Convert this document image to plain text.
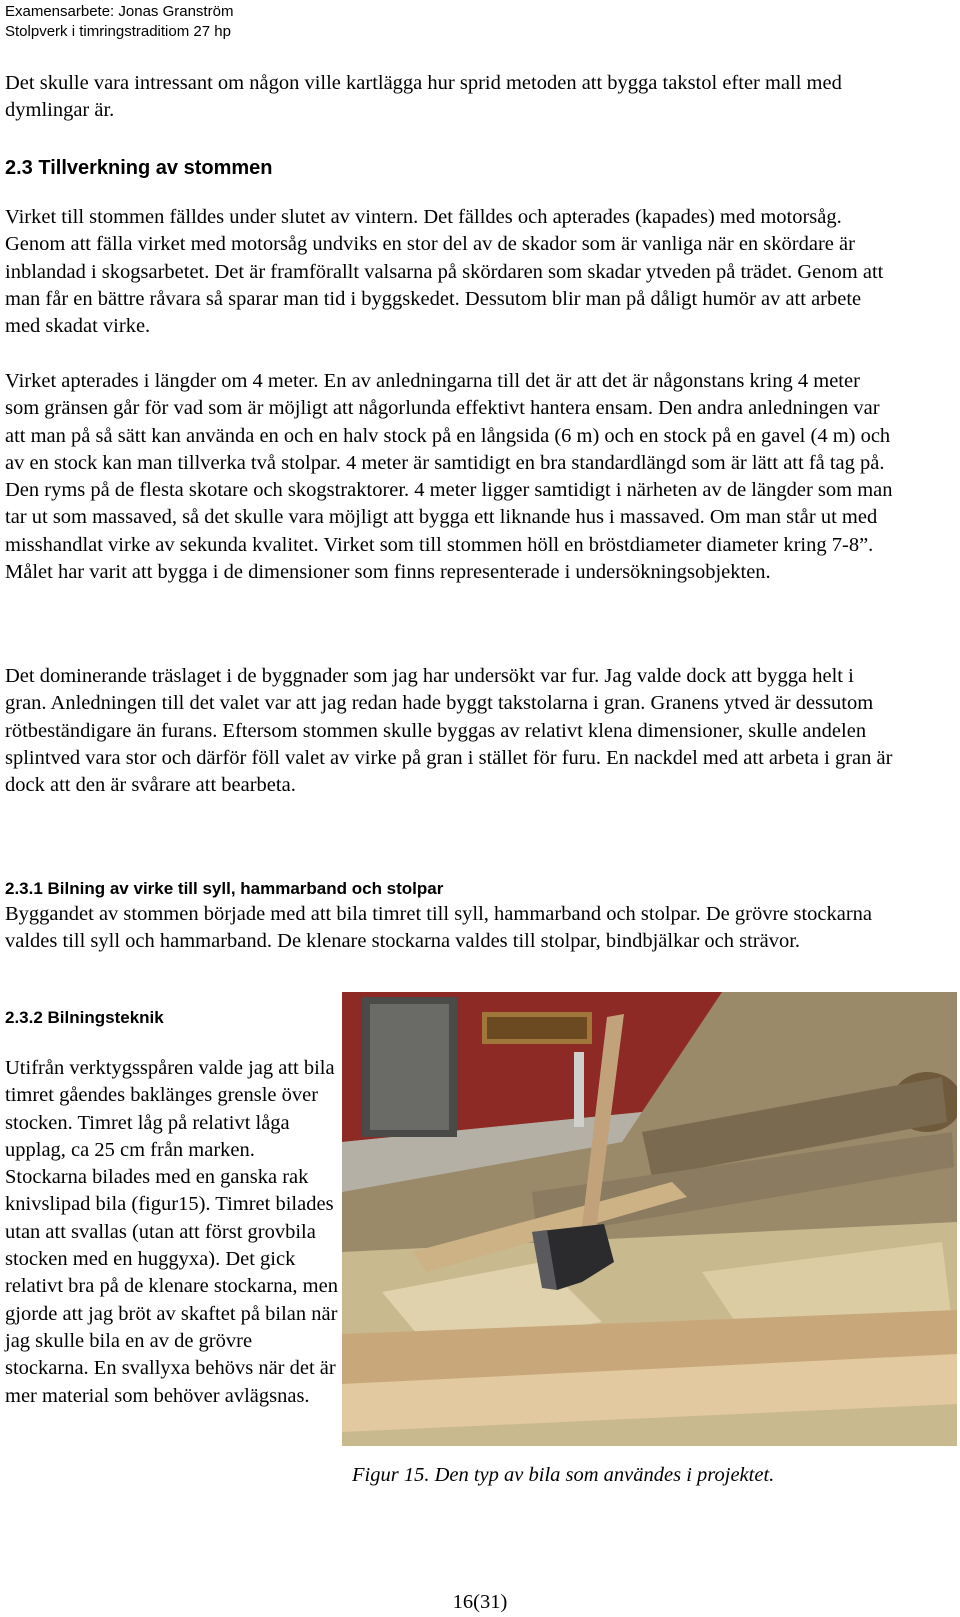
Examensarbete: Jonas Granström
Stolpverk i timringstraditiom 27 hp

Det skulle vara intressant om någon ville kartlägga hur sprid metoden att bygga takstol efter mall med dymlingar är.

2.3 Tillverkning av stommen

Virket till stommen fälldes under slutet av vintern. Det fälldes och apterades (kapades) med motorsåg. Genom att fälla virket med motorsåg undviks en stor del av de skador som är vanliga när en skördare är inblandad i skogsarbetet. Det är framförallt valsarna på skördaren som skadar ytveden på trädet. Genom att man får en bättre råvara så sparar man tid i byggskedet. Dessutom blir man på dåligt humör av att arbete med skadat virke.

Virket apterades i längder om 4 meter. En av anledningarna till det är att det är någonstans kring 4 meter som gränsen går för vad som är möjligt att någorlunda effektivt hantera ensam. Den andra anledningen var att man på så sätt kan använda en och en halv stock på en långsida (6 m) och en stock på en gavel (4 m) och av en stock kan man tillverka två stolpar. 4 meter är samtidigt en bra standardlängd som är lätt att få tag på. Den ryms på de flesta skotare och skogstraktorer. 4 meter ligger samtidigt i närheten av de längder som man tar ut som massaved, så det skulle vara möjligt att bygga ett liknande hus i massaved. Om man står ut med misshandlat virke av sekunda kvalitet. Virket som till stommen höll en bröstdiameter diameter kring 7-8”. Målet har varit att bygga i de dimensioner som finns representerade i undersökningsobjekten.

Det dominerande träslaget i de byggnader som jag har undersökt var fur. Jag valde dock att bygga helt i gran. Anledningen till det valet var att jag redan hade byggt takstolarna i gran. Granens ytved är dessutom rötbeständigare än furans. Eftersom stommen skulle byggas av relativt klena dimensioner, skulle andelen splintved vara stor och därför föll valet av virke på gran i stället för furu. En nackdel med att arbeta i gran är dock att den är svårare att bearbeta.

2.3.1 Bilning av virke till syll, hammarband och stolpar

Byggandet av stommen började med att bila timret till syll, hammarband och stolpar. De grövre stockarna valdes till syll och hammarband. De klenare stockarna valdes till stolpar, bindbjälkar och strävor.

2.3.2 Bilningsteknik

Utifrån verktygsspåren valde jag att bila timret gåendes baklänges grensle över stocken. Timret låg på relativt låga upplag, ca 25 cm från marken. Stockarna bilades med en ganska rak knivslipad bila (figur15). Timret bilades utan att svallas (utan att först grovbila stocken med en huggyxa). Det gick relativt bra på de klenare stockarna, men gjorde att jag bröt av skaftet på bilan när jag skulle bila en av de grövre stockarna. En svallyxa behövs när det är mer material som behöver avlägsnas.

Figur 15. Den typ av bila som användes i projektet.
16(31)
